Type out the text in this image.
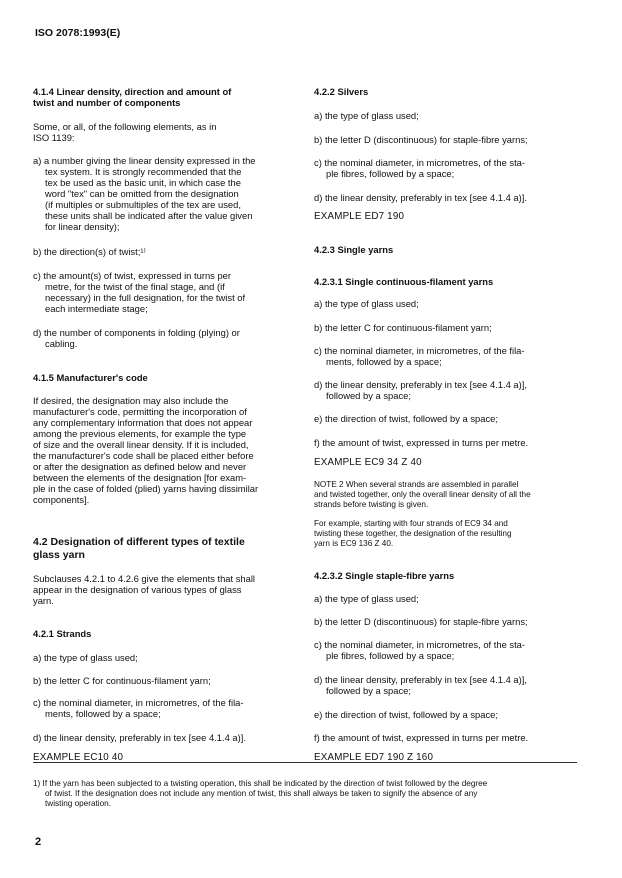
ISO 2078:1993(E)

4.1.4 Linear density, direction and amount of

twist and number of components

Some, or all, of the following elements, as in

ISO 1139:

a) a number giving the linear density expressed in the

tex system. It is strongly recommended that the

tex be used as the basic unit, in which case the

word "tex" can be omitted from the designation

(if multiples or submultiples of the tex are used,

these units shall be indicated after the value given

for linear density);

b) the direction(s) of twist;¹⁾

c) the amount(s) of twist, expressed in turns per

metre, for the twist of the final stage, and (if

necessary) in the full designation, for the twist of

each intermediate stage;

d) the number of components in folding (plying) or

cabling.

4.1.5 Manufacturer's code

If desired, the designation may also include the

manufacturer's code, permitting the incorporation of

any complementary information that does not appear

among the previous elements, for example the type

of size and the overall linear density. If it is included,

the manufacturer's code shall be placed either before

or after the designation as defined below and never

between the elements of the designation [for exam-

ple in the case of folded (plied) yarns having dissimilar

components].

4.2 Designation of different types of textile

glass yarn

Subclauses 4.2.1 to 4.2.6 give the elements that shall

appear in the designation of various types of glass

yarn.

4.2.1 Strands

a) the type of glass used;

b) the letter C for continuous-filament yarn;

c) the nominal diameter, in micrometres, of the fila-

ments, followed by a space;

d) the linear density, preferably in tex [see 4.1.4 a)].

EXAMPLE EC10 40

4.2.2 Silvers

a) the type of glass used;

b) the letter D (discontinuous) for staple-fibre yarns;

c) the nominal diameter, in micrometres, of the sta-

ple fibres, followed by a space;

d) the linear density, preferably in tex [see 4.1.4 a)].

EXAMPLE ED7 190

4.2.3 Single yarns

4.2.3.1 Single continuous-filament yarns

a) the type of glass used;

b) the letter C for continuous-filament yarn;

c) the nominal diameter, in micrometres, of the fila-

ments, followed by a space;

d) the linear density, preferably in tex [see 4.1.4 a)],

followed by a space;

e) the direction of twist, followed by a space;

f) the amount of twist, expressed in turns per metre.

EXAMPLE EC9 34 Z 40

NOTE 2 When several strands are assembled in parallel

and twisted together, only the overall linear density of all the

strands before twisting is given.

For example, starting with four strands of EC9 34 and

twisting these together, the designation of the resulting

yarn is EC9 136 Z 40.

4.2.3.2 Single staple-fibre yarns

a) the type of glass used;

b) the letter D (discontinuous) for staple-fibre yarns;

c) the nominal diameter, in micrometres, of the sta-

ple fibres, followed by a space;

d) the linear density, preferably in tex [see 4.1.4 a)],

followed by a space;

e) the direction of twist, followed by a space;

f) the amount of twist, expressed in turns per metre.

EXAMPLE ED7 190 Z 160

1) If the yarn has been subjected to a twisting operation, this shall be indicated by the direction of twist followed by the degree

of twist. If the designation does not include any mention of twist, this shall always be taken to signify the absence of any

twisting operation.

2
